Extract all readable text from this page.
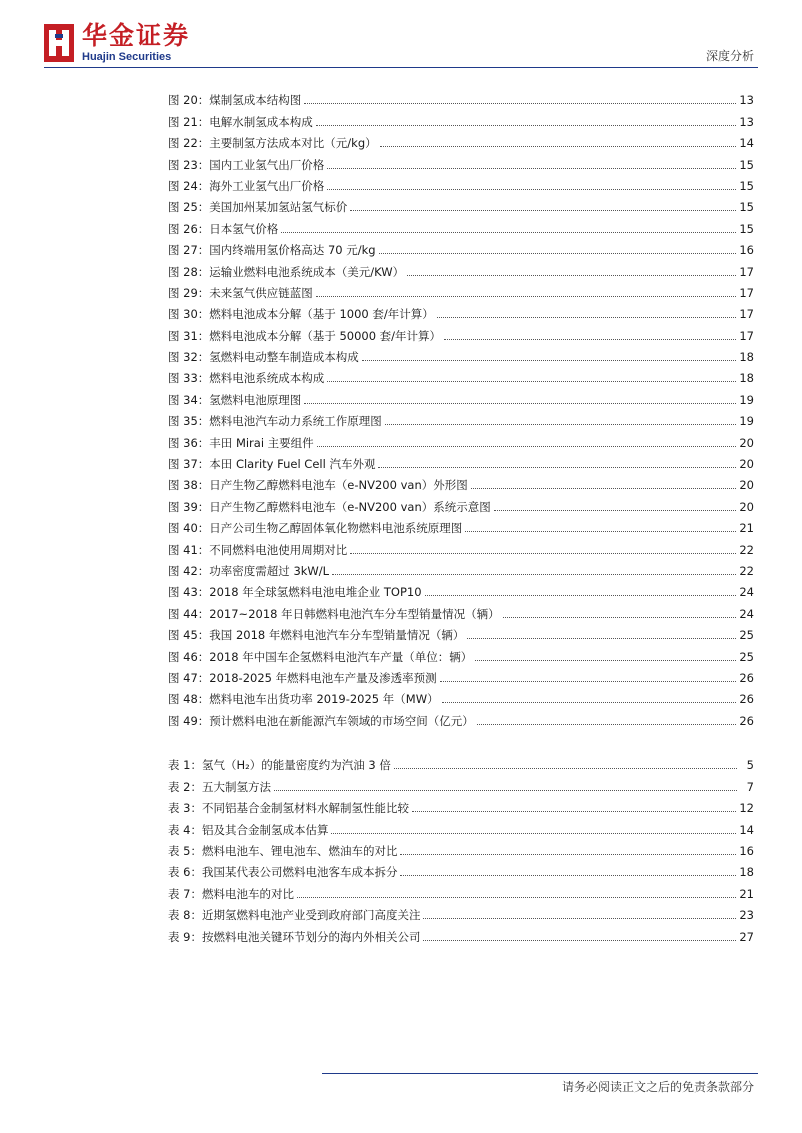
华金证券
Huajin Securities	深度分析
图 20：煤制氢成本结构图	13
图 21：电解水制氢成本构成	13
图 22：主要制氢方法成本对比（元/kg）	14
图 23：国内工业氢气出厂价格	15
图 24：海外工业氢气出厂价格	15
图 25：美国加州某加氢站氢气标价	15
图 26：日本氢气价格	15
图 27：国内终端用氢价格高达 70 元/kg	16
图 28：运输业燃料电池系统成本（美元/KW）	17
图 29：未来氢气供应链蓝图	17
图 30：燃料电池成本分解（基于 1000 套/年计算）	17
图 31：燃料电池成本分解（基于 50000 套/年计算）	17
图 32：氢燃料电动整车制造成本构成	18
图 33：燃料电池系统成本构成	18
图 34：氢燃料电池原理图	19
图 35：燃料电池汽车动力系统工作原理图	19
图 36：丰田 Mirai 主要组件	20
图 37：本田 Clarity Fuel Cell 汽车外观	20
图 38：日产生物乙醇燃料电池车（e-NV200 van）外形图	20
图 39：日产生物乙醇燃料电池车（e-NV200 van）系统示意图	20
图 40：日产公司生物乙醇固体氧化物燃料电池系统原理图	21
图 41：不同燃料电池使用周期对比	22
图 42：功率密度需超过 3kW/L	22
图 43：2018 年全球氢燃料电池电堆企业 TOP10	24
图 44：2017~2018 年日韩燃料电池汽车分车型销量情况（辆）	24
图 45：我国 2018 年燃料电池汽车分车型销量情况（辆）	25
图 46：2018 年中国车企氢燃料电池汽车产量（单位：辆）	25
图 47：2018-2025 年燃料电池车产量及渗透率预测	26
图 48：燃料电池车出货功率 2019-2025 年（MW）	26
图 49：预计燃料电池在新能源汽车领域的市场空间（亿元）	26
表 1：氢气（H₂）的能量密度约为汽油 3 倍	5
表 2：五大制氢方法	7
表 3：不同铝基合金制氢材料水解制氢性能比较	12
表 4：铝及其合金制氢成本估算	14
表 5：燃料电池车、锂电池车、燃油车的对比	16
表 6：我国某代表公司燃料电池客车成本拆分	18
表 7：燃料电池车的对比	21
表 8：近期氢燃料电池产业受到政府部门高度关注	23
表 9：按燃料电池关键环节划分的海内外相关公司	27
请务必阅读正文之后的免责条款部分
